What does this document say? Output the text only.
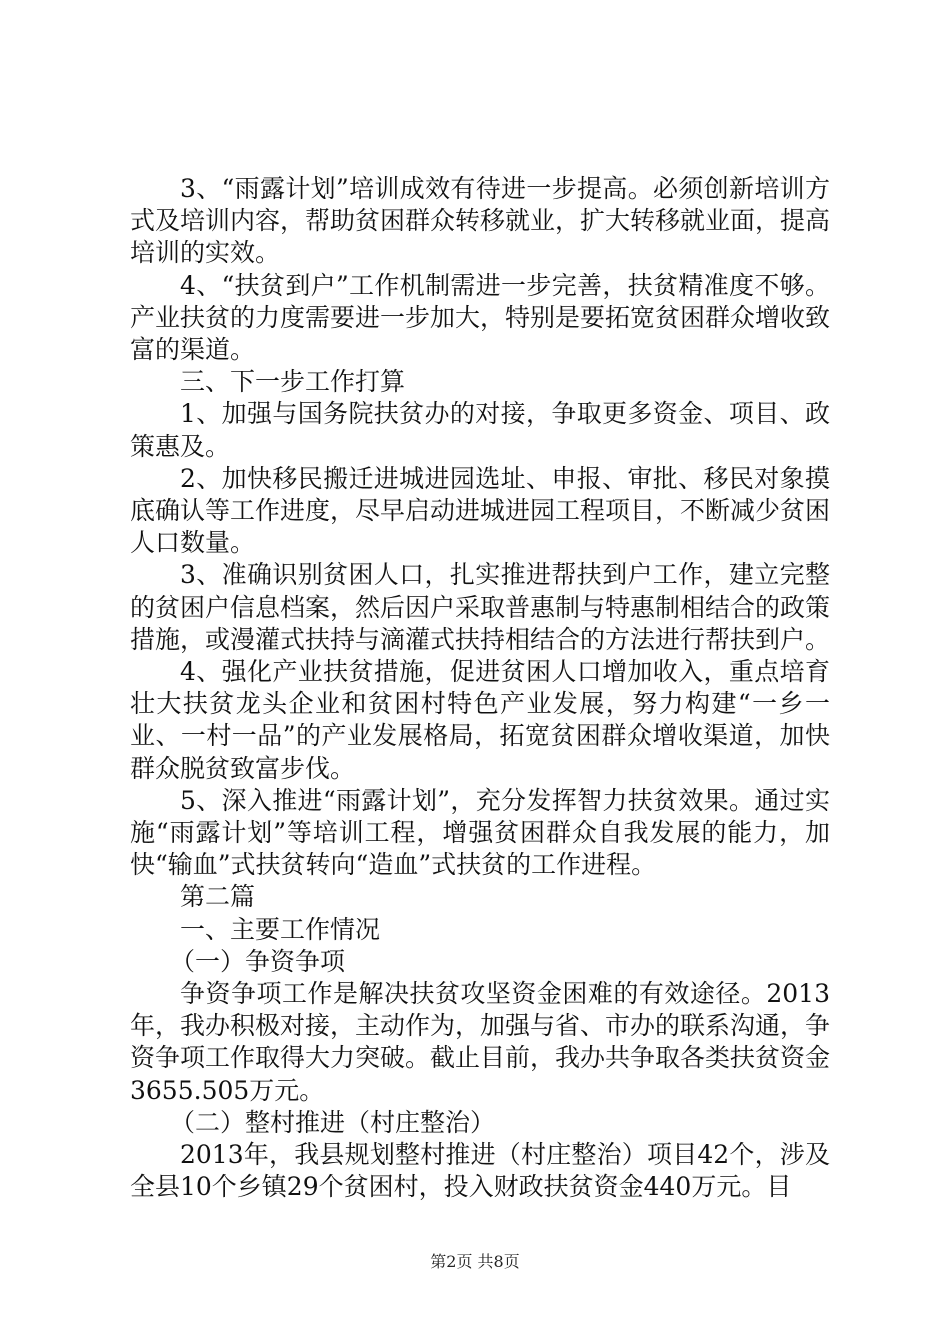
3、“雨露计划”培训成效有待进一步提高。必须创新培训方式及培训内容，帮助贫困群众转移就业，扩大转移就业面，提高培训的实效。

4、“扶贫到户”工作机制需进一步完善，扶贫精准度不够。产业扶贫的力度需要进一步加大，特别是要拓宽贫困群众增收致富的渠道。

三、下一步工作打算

1、加强与国务院扶贫办的对接，争取更多资金、项目、政策惠及。

2、加快移民搬迁进城进园选址、申报、审批、移民对象摸底确认等工作进度，尽早启动进城进园工程项目，不断减少贫困人口数量。

3、准确识别贫困人口，扎实推进帮扶到户工作，建立完整的贫困户信息档案，然后因户采取普惠制与特惠制相结合的政策措施，或漫灌式扶持与滴灌式扶持相结合的方法进行帮扶到户。

4、强化产业扶贫措施，促进贫困人口增加收入，重点培育壮大扶贫龙头企业和贫困村特色产业发展，努力构建“一乡一业、一村一品”的产业发展格局，拓宽贫困群众增收渠道，加快群众脱贫致富步伐。

5、深入推进“雨露计划”，充分发挥智力扶贫效果。通过实施“雨露计划”等培训工程，增强贫困群众自我发展的能力，加快“输血”式扶贫转向“造血”式扶贫的工作进程。

第二篇

一、主要工作情况

（一）争资争项

争资争项工作是解决扶贫攻坚资金困难的有效途径。2013年，我办积极对接，主动作为，加强与省、市办的联系沟通，争资争项工作取得大力突破。截止目前，我办共争取各类扶贫资金3655.505万元。

（二）整村推进（村庄整治）

2013年，我县规划整村推进（村庄整治）项目42个，涉及全县10个乡镇29个贫困村，投入财政扶贫资金440万元。目

第2页 共8页
